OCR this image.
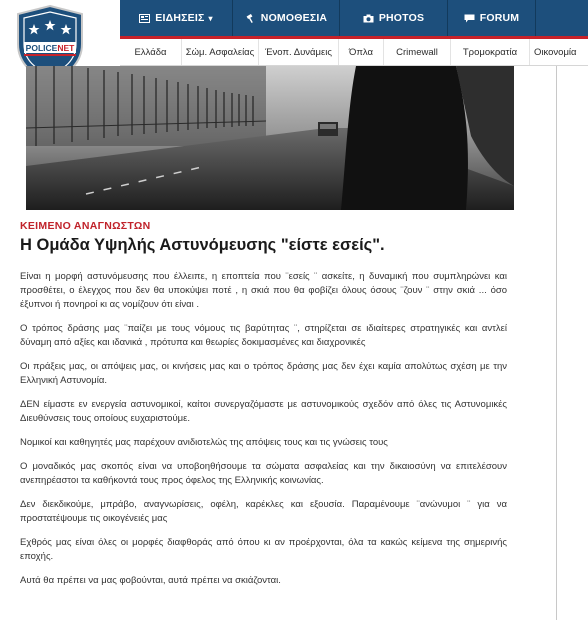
POLICE NET
ΕΙΔΗΣΕΙΣ ▾	ΝΟΜΟΘΕΣΙΑ	PHOTOS	FORUM
Ελλάδα	Σώμ. Ασφαλείας	Ένοπ. Δυνάμεις	Όπλα	Crimewall	Τρομοκρατία	Οικονομία
ΚΕΙΜΕΝΟ ΑΝΑΓΝΩΣΤΩΝ
Η Ομάδα Υψηλής Αστυνόμευσης "είστε εσείς".

Είναι η μορφή αστυνόμευσης που έλλειπε, η εποπτεία που ¨εσείς ¨ ασκείτε, η δυναμική που συμπληρώνει και προσθέτει, ο έλεγχος που δεν θα υποκύψει ποτέ , η σκιά που θα φοβίζει όλους όσους ¨ζουν ¨ στην σκιά ... όσο έξυπνοι ή πονηροί κι ας νομίζουν ότι είναι .

Ο τρόπος δράσης μας ¨παίζει με τους νόμους τις βαρύτητας ¨, στηρίζεται σε ιδιαίτερες στρατηγικές και αντλεί δύναμη από αξίες και ιδανικά , πρότυπα και θεωρίες δοκιμασμένες και διαχρονικές

Οι πράξεις μας, οι απόψεις μας, οι κινήσεις μας και ο τρόπος δράσης μας δεν έχει καμία απολύτως σχέση με την Ελληνική Αστυνομία.

ΔΕΝ είμαστε εν ενεργεία αστυνομικοί, καίτοι συνεργαζόμαστε με αστυνομικούς σχεδόν από όλες τις Αστυνομικές Διευθύνσεις τους οποίους ευχαριστούμε.

Νομικοί και καθηγητές μας παρέχουν ανιδιοτελώς της απόψεις τους και τις γνώσεις τους

Ο μοναδικός μας σκοπός είναι να υποβοηθήσουμε τα σώματα ασφαλείας και την δικαιοσύνη να επιτελέσουν ανεπηρέαστοι τα καθήκοντά τους προς όφελος της Ελληνικής κοινωνίας.

Δεν διεκδικούμε, μπράβο, αναγνωρίσεις, οφέλη, καρέκλες και εξουσία. Παραμένουμε ¨ανώνυμοι ¨ για να προστατέψουμε τις οικογένειές μας

Εχθρός μας είναι όλες οι μορφές διαφθοράς από όπου κι αν προέρχονται, όλα τα κακώς κείμενα της σημερινής εποχής.

Αυτά θα πρέπει να μας φοβούνται, αυτά πρέπει να σκιάζονται.
